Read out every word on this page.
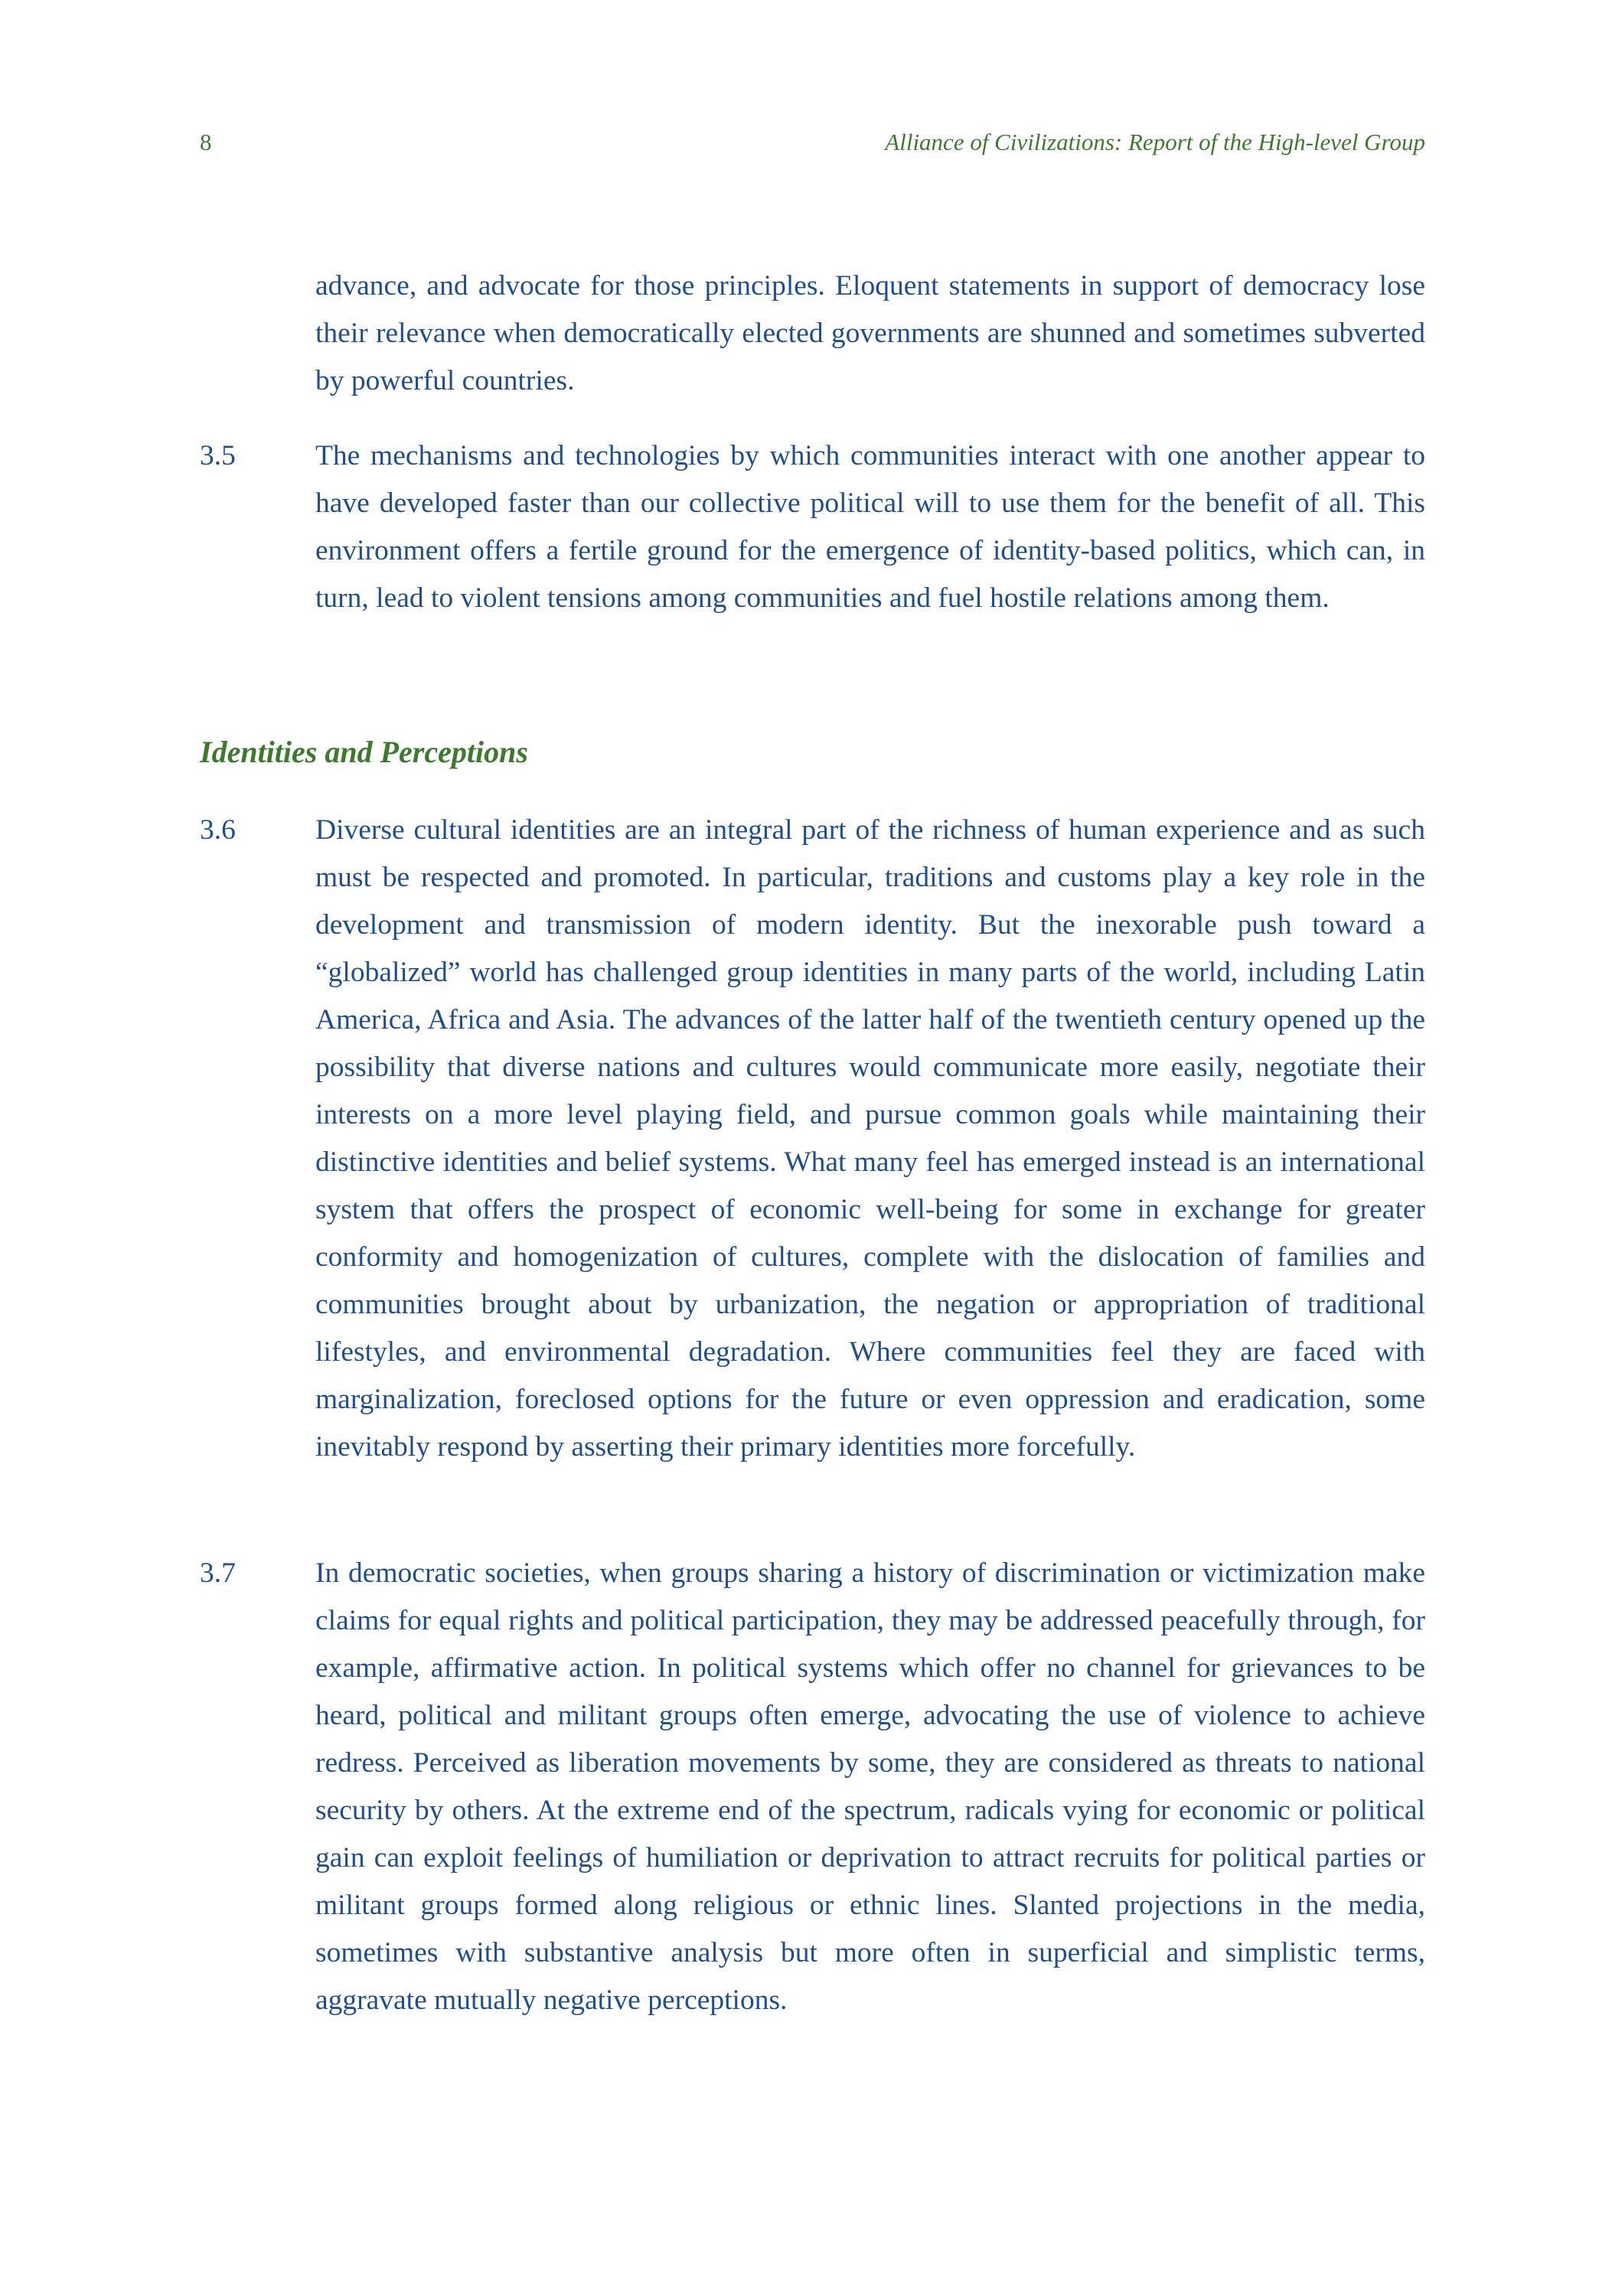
8	Alliance of Civilizations: Report of the High-level Group

advance, and advocate for those principles. Eloquent statements in support of democracy lose their relevance when democratically elected governments are shunned and sometimes subverted by powerful countries.

3.5	The mechanisms and technologies by which communities interact with one another appear to have developed faster than our collective political will to use them for the benefit of all. This environment offers a fertile ground for the emergence of identity-based politics, which can, in turn, lead to violent tensions among communities and fuel hostile relations among them.

Identities and Perceptions
3.6	Diverse cultural identities are an integral part of the richness of human experience and as such must be respected and promoted. In particular, traditions and customs play a key role in the development and transmission of modern identity. But the inexorable push toward a “globalized” world has challenged group identities in many parts of the world, including Latin America, Africa and Asia. The advances of the latter half of the twentieth century opened up the possibility that diverse nations and cultures would communicate more easily, negotiate their interests on a more level playing field, and pursue common goals while maintaining their distinctive identities and belief systems. What many feel has emerged instead is an international system that offers the prospect of economic well-being for some in exchange for greater conformity and homogenization of cultures, complete with the dislocation of families and communities brought about by urbanization, the negation or appropriation of traditional lifestyles, and environmental degradation. Where communities feel they are faced with marginalization, foreclosed options for the future or even oppression and eradication, some inevitably respond by asserting their primary identities more forcefully.

3.7	In democratic societies, when groups sharing a history of discrimination or victimization make claims for equal rights and political participation, they may be addressed peacefully through, for example, affirmative action. In political systems which offer no channel for grievances to be heard, political and militant groups often emerge, advocating the use of violence to achieve redress. Perceived as liberation movements by some, they are considered as threats to national security by others. At the extreme end of the spectrum, radicals vying for economic or political gain can exploit feelings of humiliation or deprivation to attract recruits for political parties or militant groups formed along religious or ethnic lines. Slanted projections in the media, sometimes with substantive analysis but more often in superficial and simplistic terms, aggravate mutually negative perceptions.
